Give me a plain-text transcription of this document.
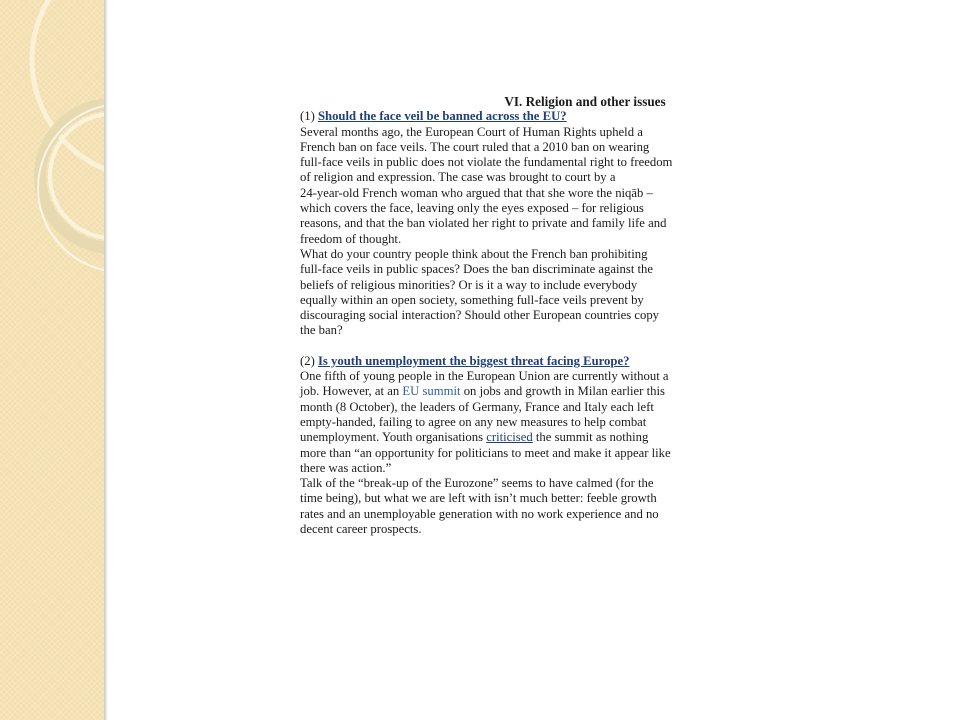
VI. Religion and other issues
(1) Should the face veil be banned across the EU?
Several months ago, the European Court of Human Rights upheld a
French ban on face veils. The court ruled that a 2010 ban on wearing
full-face veils in public does not violate the fundamental right to freedom
of religion and expression. The case was brought to court by a
24-year-old French woman who argued that that she wore the niqāb –
which covers the face, leaving only the eyes exposed – for religious
reasons, and that the ban violated her right to private and family life and
freedom of thought.
What do your country people think about the French ban prohibiting
full-face veils in public spaces? Does the ban discriminate against the
beliefs of religious minorities? Or is it a way to include everybody
equally within an open society, something full-face veils prevent by
discouraging social interaction? Should other European countries copy
the ban?
(2) Is youth unemployment the biggest threat facing Europe?
One fifth of young people in the European Union are currently without a
job. However, at an EU summit on jobs and growth in Milan earlier this
month (8 October), the leaders of Germany, France and Italy each left
empty-handed, failing to agree on any new measures to help combat
unemployment. Youth organisations criticised the summit as nothing
more than “an opportunity for politicians to meet and make it appear like
there was action.”
Talk of the “break-up of the Eurozone” seems to have calmed (for the
time being), but what we are left with isn’t much better: feeble growth
rates and an unemployable generation with no work experience and no
decent career prospects.
